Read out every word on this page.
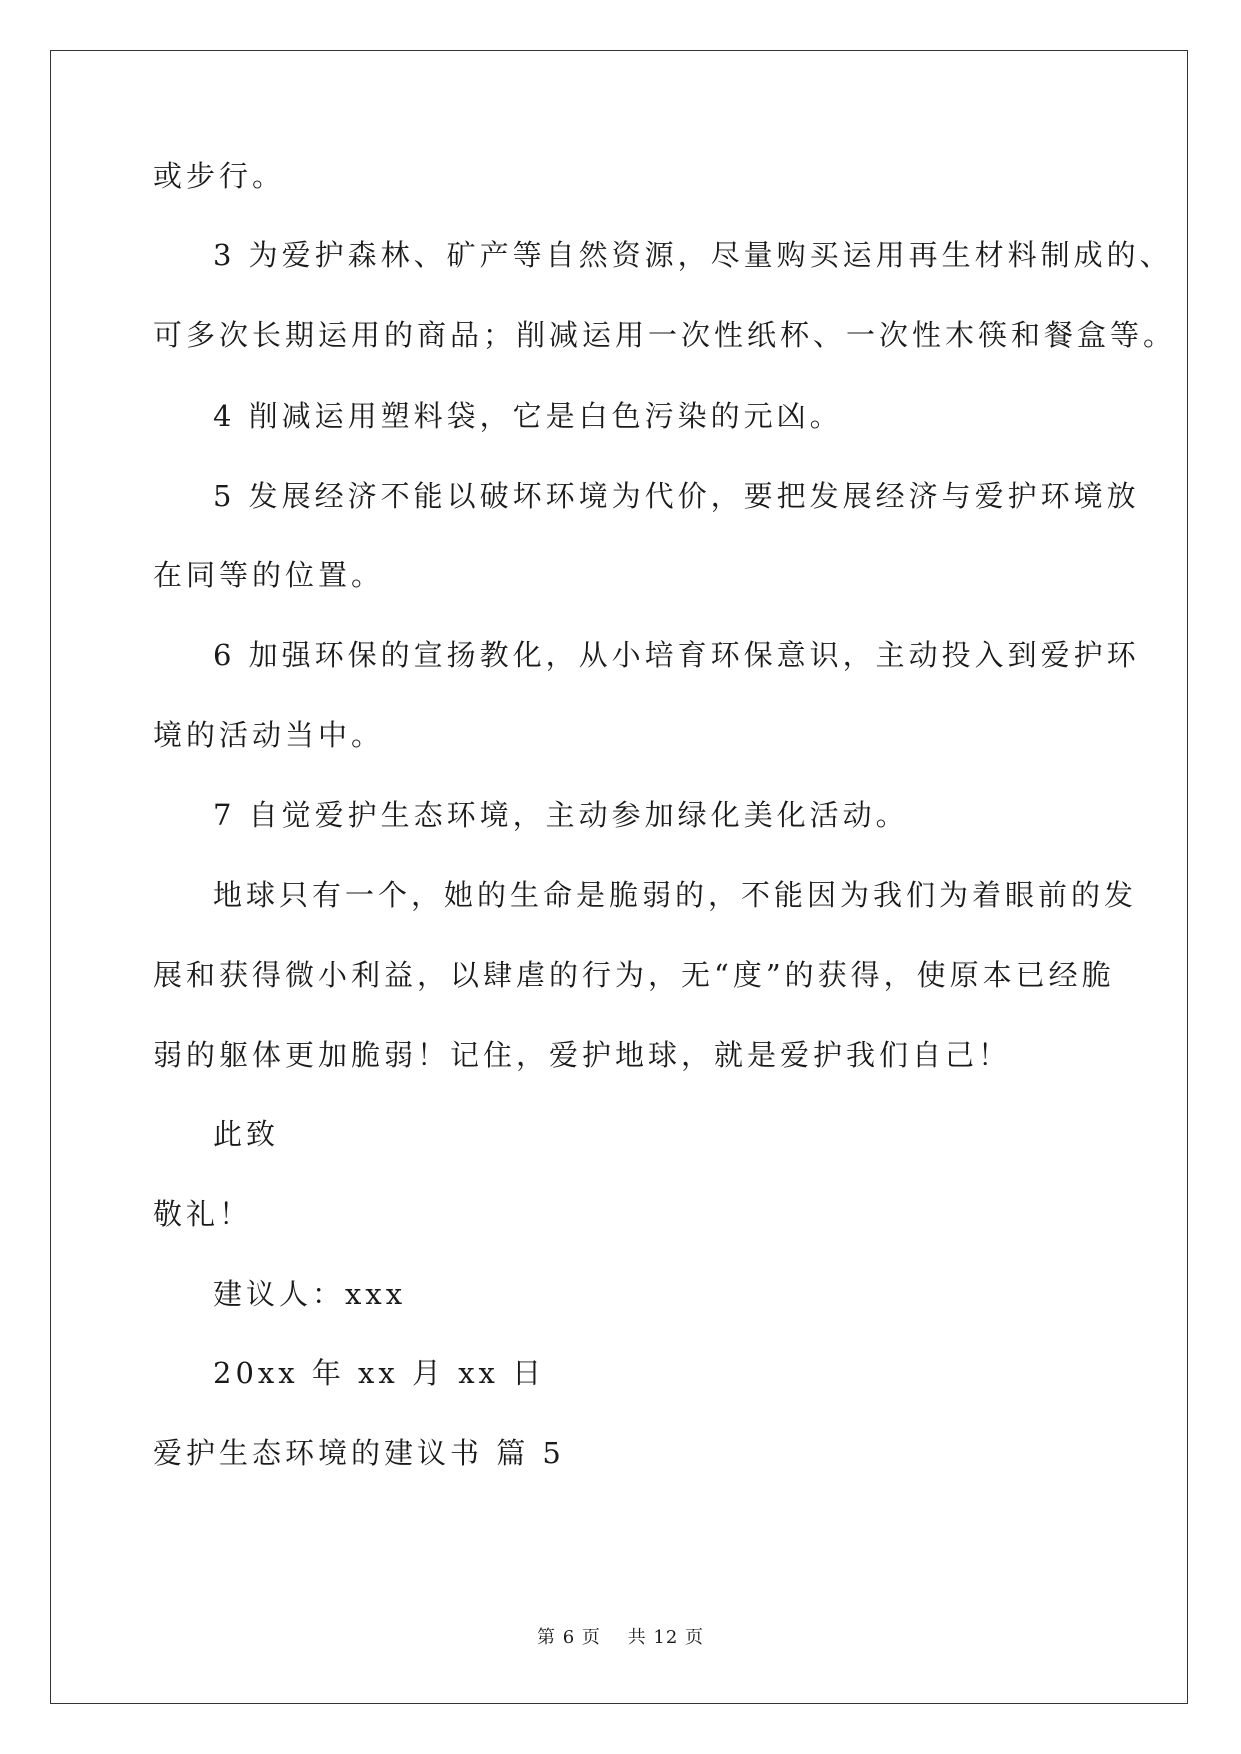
或步行。
3 为爱护森林、矿产等自然资源，尽量购买运用再生材料制成的、
可多次长期运用的商品；削减运用一次性纸杯、一次性木筷和餐盒等。
4 削减运用塑料袋，它是白色污染的元凶。
5 发展经济不能以破坏环境为代价，要把发展经济与爱护环境放
在同等的位置。
6 加强环保的宣扬教化，从小培育环保意识，主动投入到爱护环
境的活动当中。
7 自觉爱护生态环境，主动参加绿化美化活动。
地球只有一个，她的生命是脆弱的，不能因为我们为着眼前的发
展和获得微小利益，以肆虐的行为，无“度”的获得，使原本已经脆
弱的躯体更加脆弱！记住，爱护地球，就是爱护我们自己！
此致
敬礼！
建议人：xxx
20xx 年 xx 月 xx 日
爱护生态环境的建议书 篇 5
第 6 页 共 12 页
